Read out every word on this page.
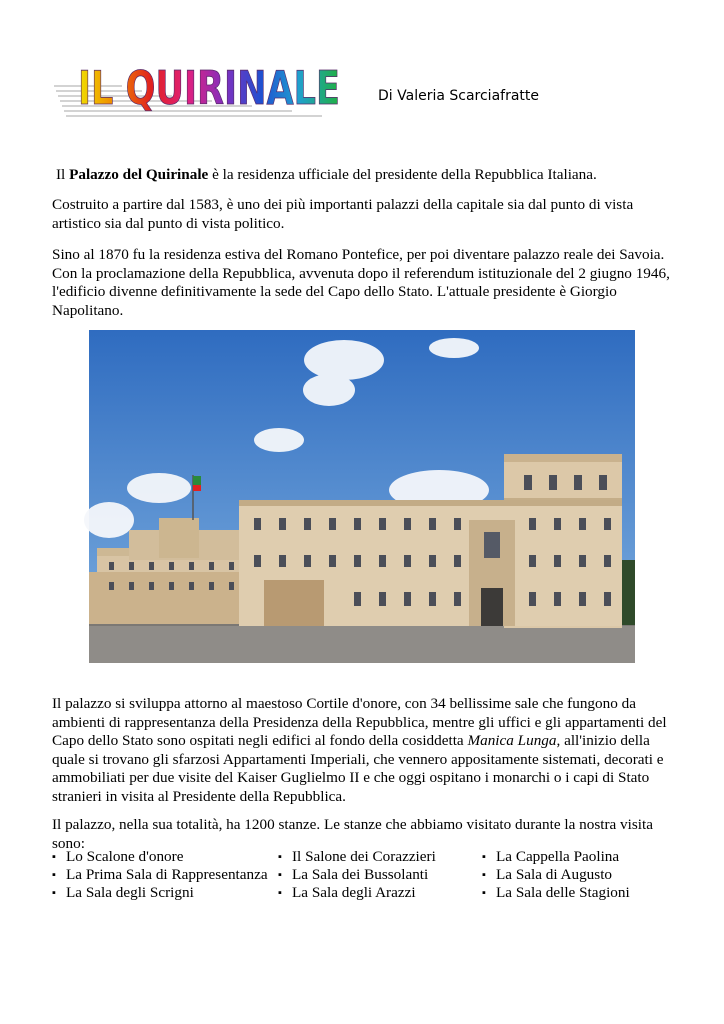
IL QUIRINALE	Di Valeria Scarciafratte

Il Palazzo del Quirinale è la residenza ufficiale del presidente della Repubblica Italiana.

Costruito a partire dal 1583, è uno dei più importanti palazzi della capitale sia dal punto di vista artistico sia dal punto di vista politico.

Sino al 1870 fu la residenza estiva del Romano Pontefice, per poi diventare palazzo reale dei Savoia.
Con la proclamazione della Repubblica, avvenuta dopo il referendum istituzionale del 2 giugno 1946,
l'edificio divenne definitivamente la sede del Capo dello Stato. L'attuale presidente è Giorgio Napolitano.

Il palazzo si sviluppa attorno al maestoso Cortile d'onore, con 34 bellissime sale che fungono da ambienti di rappresentanza della Presidenza della Repubblica, mentre gli uffici e gli appartamenti del Capo dello Stato sono ospitati negli edifici al fondo della cosiddetta Manica Lunga, all'inizio della quale si trovano gli sfarzosi Appartamenti Imperiali, che vennero appositamente sistemati, decorati e ammobiliati per due visite del Kaiser Guglielmo II e che oggi ospitano i monarchi o i capi di Stato stranieri in visita al Presidente della Repubblica.

Il palazzo, nella sua totalità, ha 1200 stanze. Le stanze che abbiamo visitato durante la nostra visita sono:

▪ Lo Scalone d'onore
▪ La Prima Sala di Rappresentanza
▪ La Sala degli Scrigni
▪ Il Salone dei Corazzieri
▪ La Sala dei Bussolanti
▪ La Sala degli Arazzi
▪ La Cappella Paolina
▪ La Sala di Augusto
▪ La Sala delle Stagioni
